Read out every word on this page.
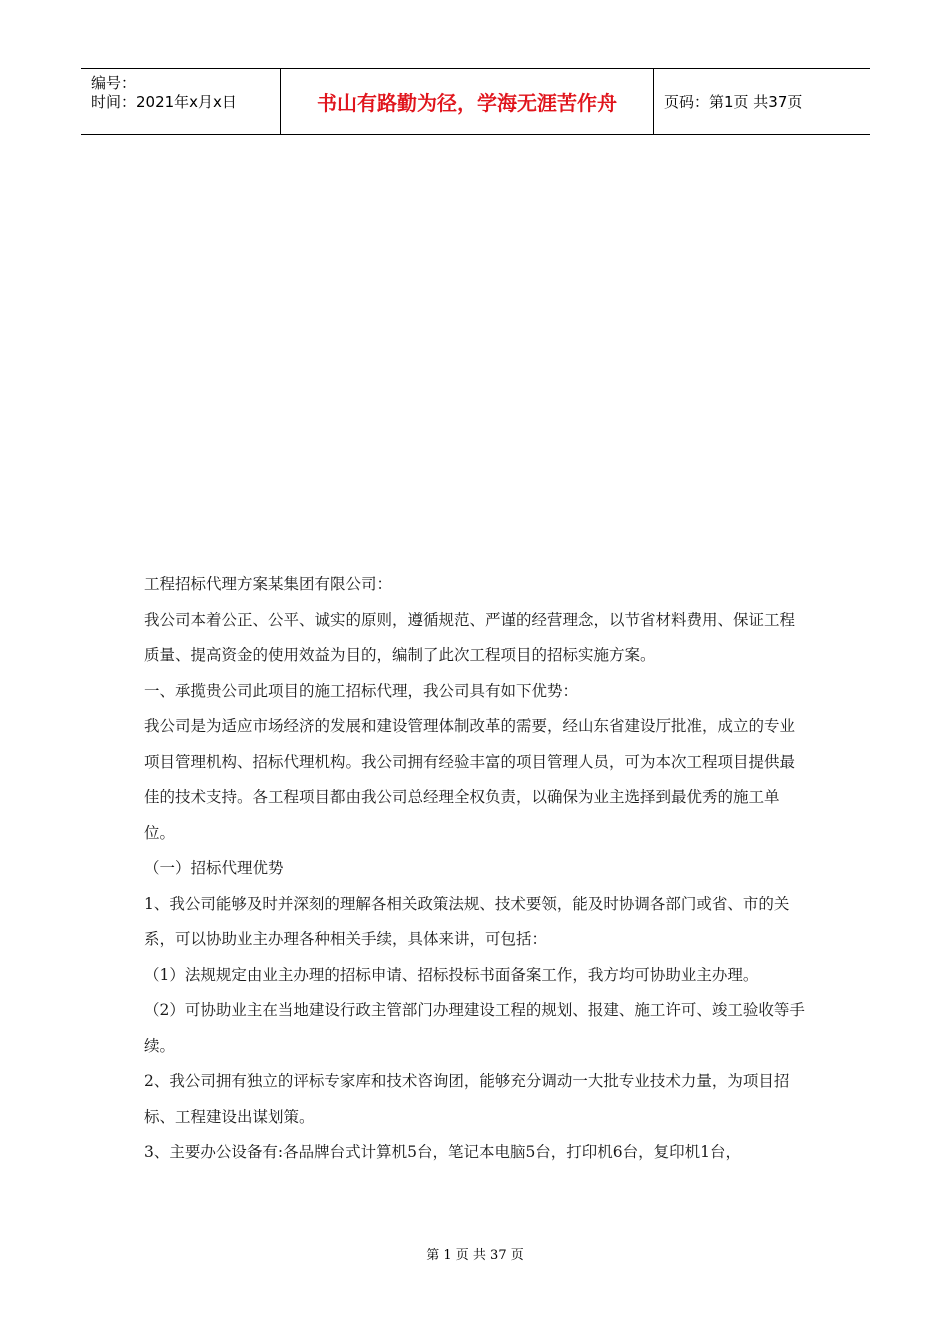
编号：
时间：2021年x月x日	书山有路勤为径，学海无涯苦作舟	页码：第1页 共37页

工程招标代理方案某集团有限公司：

我公司本着公正、公平、诚实的原则，遵循规范、严谨的经营理念，以节省材料费用、保证工程质量、提高资金的使用效益为目的，编制了此次工程项目的招标实施方案。

一、承揽贵公司此项目的施工招标代理，我公司具有如下优势：

我公司是为适应市场经济的发展和建设管理体制改革的需要，经山东省建设厅批准，成立的专业项目管理机构、招标代理机构。我公司拥有经验丰富的项目管理人员，可为本次工程项目提供最佳的技术支持。各工程项目都由我公司总经理全权负责，以确保为业主选择到最优秀的施工单位。

（一）招标代理优势

1、我公司能够及时并深刻的理解各相关政策法规、技术要领，能及时协调各部门或省、市的关系，可以协助业主办理各种相关手续，具体来讲，可包括：

（1）法规规定由业主办理的招标申请、招标投标书面备案工作，我方均可协助业主办理。

（2）可协助业主在当地建设行政主管部门办理建设工程的规划、报建、施工许可、竣工验收等手续。

2、我公司拥有独立的评标专家库和技术咨询团，能够充分调动一大批专业技术力量，为项目招标、工程建设出谋划策。

3、主要办公设备有:各品牌台式计算机5台，笔记本电脑5台，打印机6台，复印机1台，

第 1 页 共 37 页
